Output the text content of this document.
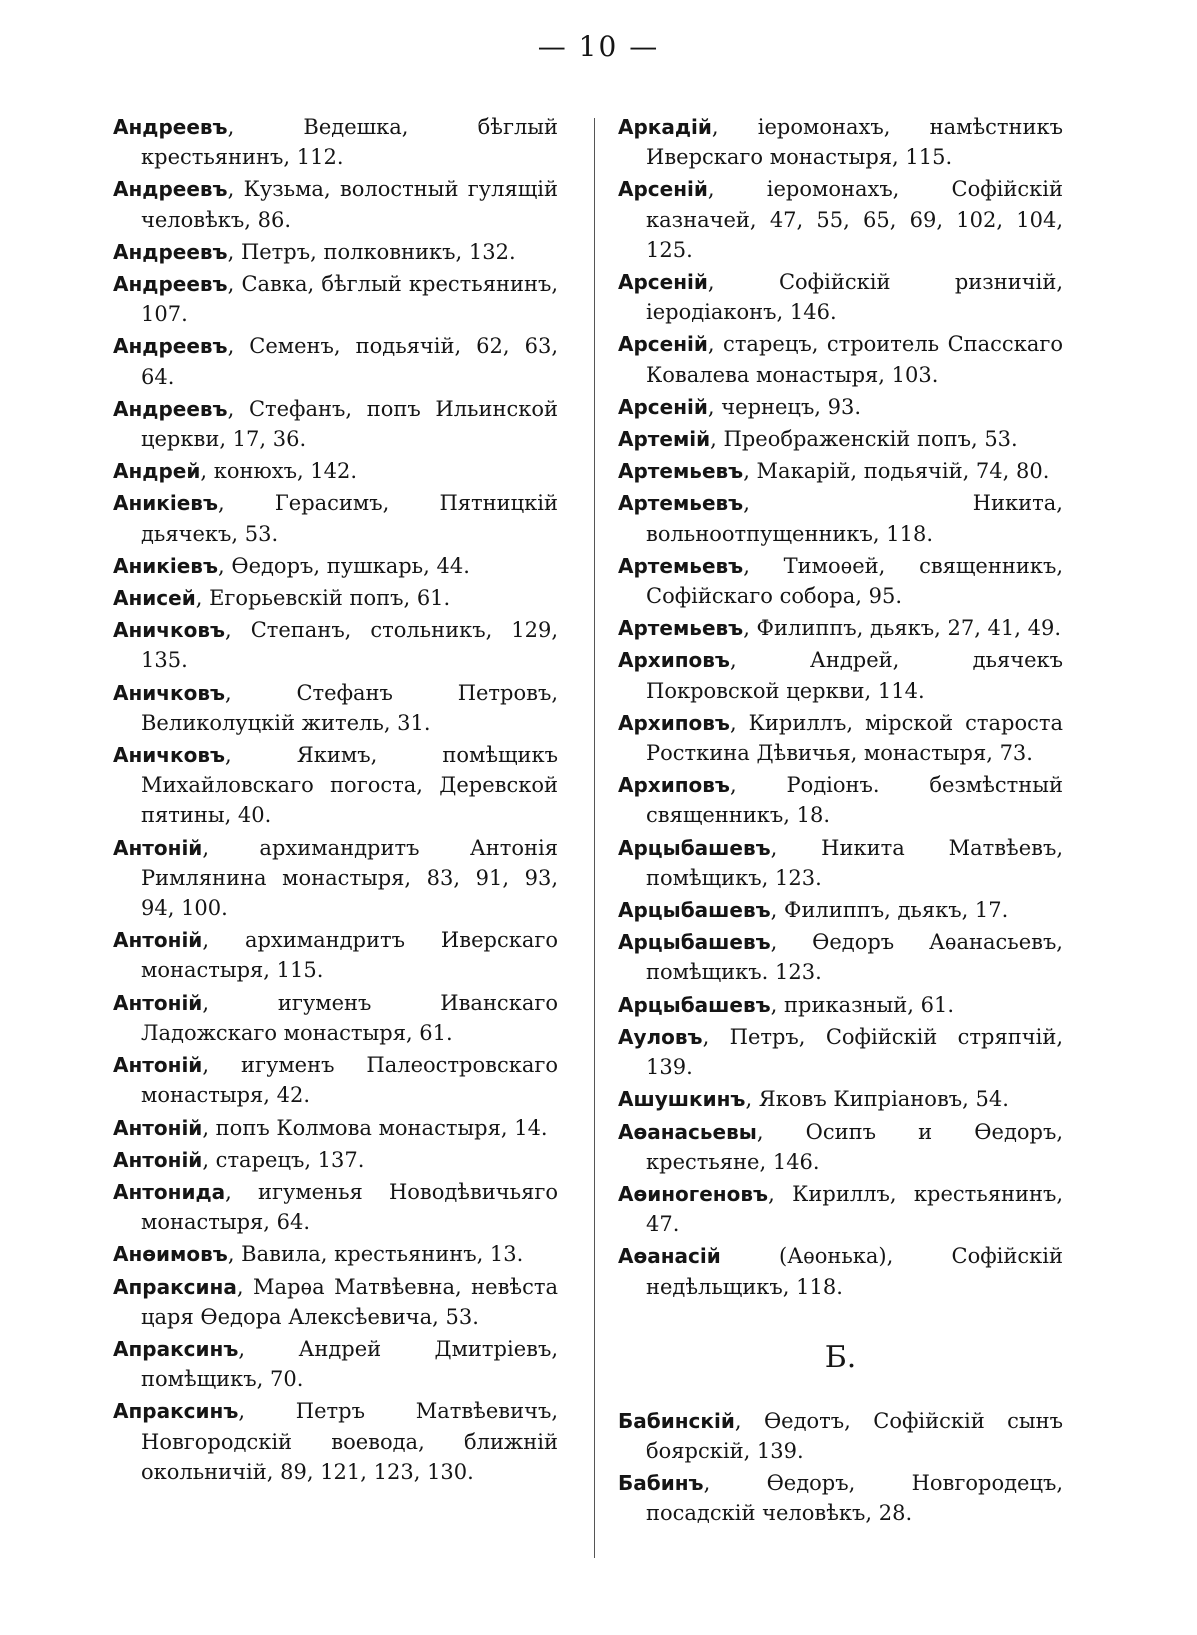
— 10 —

Андреевъ, Ведешка, бѣглый крестьянинъ, 112.

Андреевъ, Кузьма, волостный гулящій человѣкъ, 86.

Андреевъ, Петръ, полковникъ, 132.

Андреевъ, Савка, бѣглый крестьянинъ, 107.

Андреевъ, Семенъ, подьячій, 62, 63, 64.

Андреевъ, Стефанъ, попъ Ильинской церкви, 17, 36.

Андрей, конюхъ, 142.

Аникіевъ, Герасимъ, Пятницкій дьячекъ, 53.

Аникіевъ, Ѳедоръ, пушкарь, 44.

Анисей, Егорьевскій попъ, 61.

Аничковъ, Степанъ, стольникъ, 129, 135.

Аничковъ, Стефанъ Петровъ, Великолуцкій житель, 31.

Аничковъ, Якимъ, помѣщикъ Михайловскаго погоста, Деревской пятины, 40.

Антоній, архимандритъ Антонія Римлянина монастыря, 83, 91, 93, 94, 100.

Антоній, архимандритъ Иверскаго монастыря, 115.

Антоній, игуменъ Иванскаго Ладожскаго монастыря, 61.

Антоній, игуменъ Палеостровскаго монастыря, 42.

Антоній, попъ Колмова монастыря, 14.

Антоній, старецъ, 137.

Антонида, игуменья Новодѣвичьяго монастыря, 64.

Анѳимовъ, Вавила, крестьянинъ, 13.

Апраксина, Марѳа Матвѣевна, невѣста царя Ѳедора Алексѣевича, 53.

Апраксинъ, Андрей Дмитріевъ, помѣщикъ, 70.

Апраксинъ, Петръ Матвѣевичъ, Новгородскій воевода, ближній окольничій, 89, 121, 123, 130.

Аркадій, іеромонахъ, намѣстникъ Иверскаго монастыря, 115.

Арсеній, іеромонахъ, Софійскій казначей, 47, 55, 65, 69, 102, 104, 125.

Арсеній, Софійскій ризничій, іеродіаконъ, 146.

Арсеній, старецъ, строитель Спасскаго Ковалева монастыря, 103.

Арсеній, чернецъ, 93.

Артемій, Преображенскій попъ, 53.

Артемьевъ, Макарій, подьячій, 74, 80.

Артемьевъ, Никита, вольноотпущенникъ, 118.

Артемьевъ, Тимоѳей, священникъ, Софійскаго собора, 95.

Артемьевъ, Филиппъ, дьякъ, 27, 41, 49.

Архиповъ, Андрей, дьячекъ Покровской церкви, 114.

Архиповъ, Кириллъ, мірской староста Росткина Дѣвичья, монастыря, 73.

Архиповъ, Родіонъ. безмѣстный священникъ, 18.

Арцыбашевъ, Никита Матвѣевъ, помѣщикъ, 123.

Арцыбашевъ, Филиппъ, дьякъ, 17.

Арцыбашевъ, Ѳедоръ Аѳанасьевъ, помѣщикъ. 123.

Арцыбашевъ, приказный, 61.

Ауловъ, Петръ, Софійскій стряпчій, 139.

Ашушкинъ, Яковъ Кипріановъ, 54.

Аѳанасьевы, Осипъ и Ѳедоръ, крестьяне, 146.

Аѳиногеновъ, Кириллъ, крестьянинъ, 47.

Аѳанасій (Аѳонька), Софійскій недѣльщикъ, 118.

Б.

Бабинскій, Ѳедотъ, Софійскій сынъ боярскій, 139.

Бабинъ, Ѳедоръ, Новгородецъ, посадскій человѣкъ, 28.
